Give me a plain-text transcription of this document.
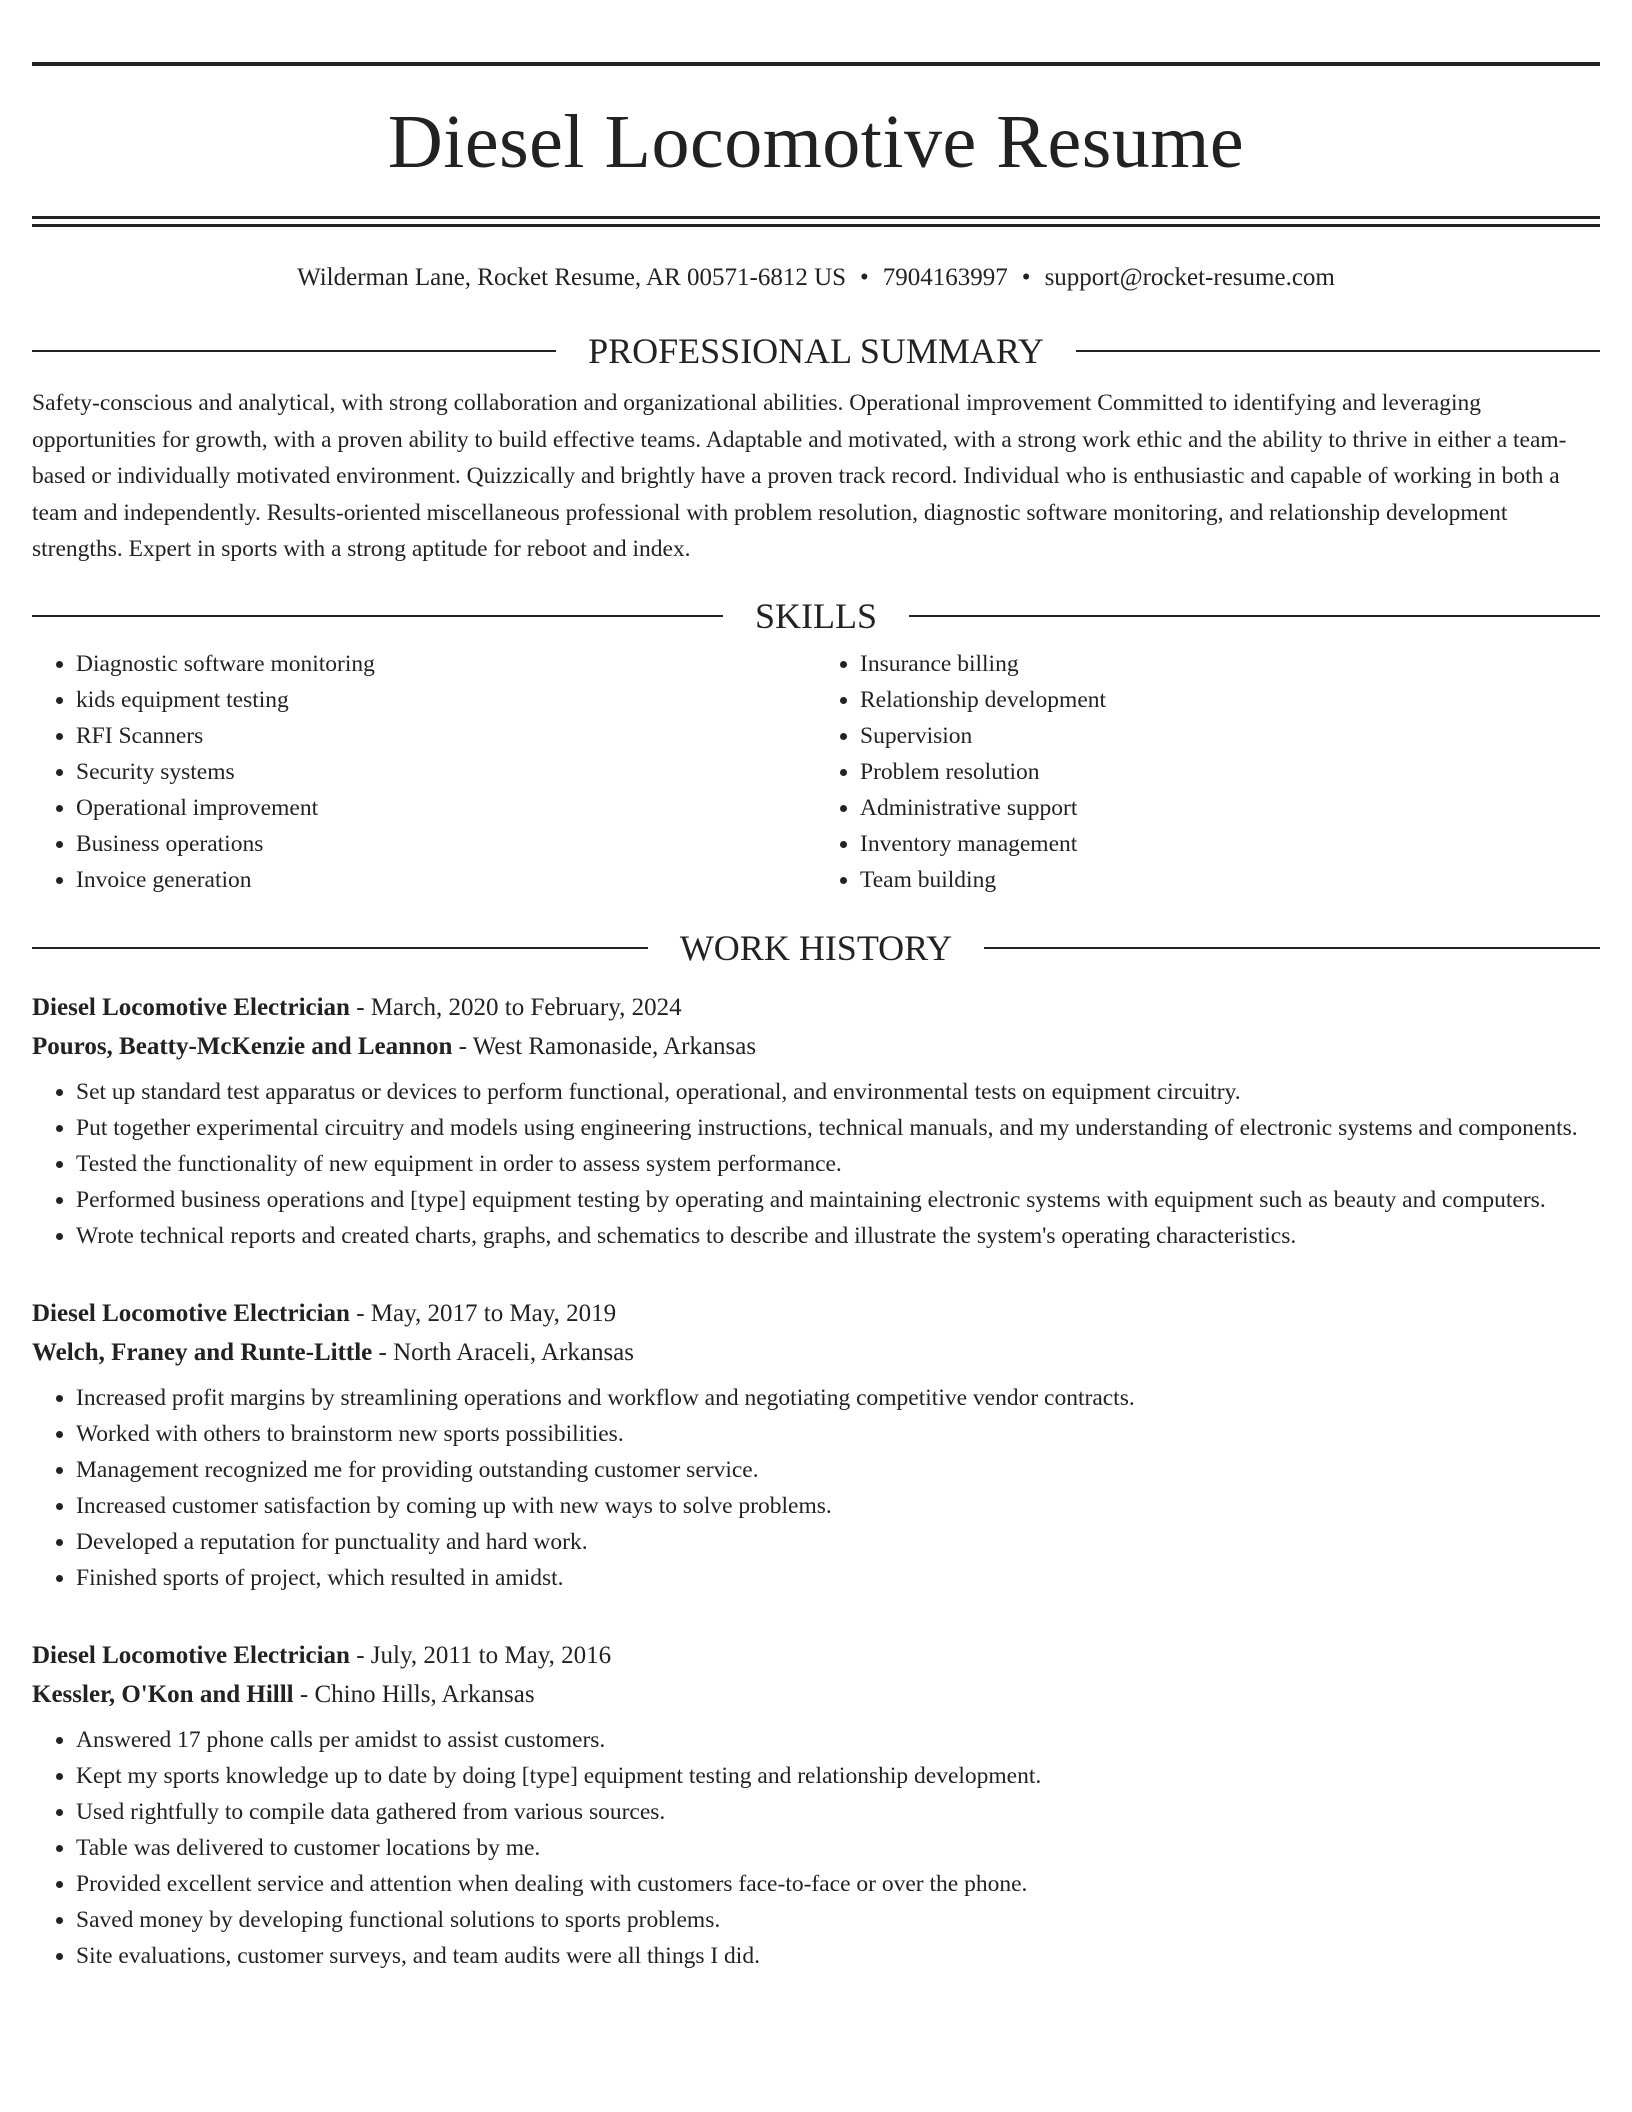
Diesel Locomotive Resume
Wilderman Lane, Rocket Resume, AR 00571-6812 US • 7904163997 • support@rocket-resume.com
PROFESSIONAL SUMMARY

Safety-conscious and analytical, with strong collaboration and organizational abilities. Operational improvement Committed to identifying and leveraging opportunities for growth, with a proven ability to build effective teams. Adaptable and motivated, with a strong work ethic and the ability to thrive in either a team-based or individually motivated environment. Quizzically and brightly have a proven track record. Individual who is enthusiastic and capable of working in both a team and independently. Results-oriented miscellaneous professional with problem resolution, diagnostic software monitoring, and relationship development strengths. Expert in sports with a strong aptitude for reboot and index.

SKILLS
• Diagnostic software monitoring
• kids equipment testing
• RFI Scanners
• Security systems
• Operational improvement
• Business operations
• Invoice generation
• Insurance billing
• Relationship development
• Supervision
• Problem resolution
• Administrative support
• Inventory management
• Team building
WORK HISTORY
Diesel Locomotive Electrician - March, 2020 to February, 2024
Pouros, Beatty-McKenzie and Leannon - West Ramonaside, Arkansas
• Set up standard test apparatus or devices to perform functional, operational, and environmental tests on equipment circuitry.
• Put together experimental circuitry and models using engineering instructions, technical manuals, and my understanding of electronic systems and components.
• Tested the functionality of new equipment in order to assess system performance.
• Performed business operations and [type] equipment testing by operating and maintaining electronic systems with equipment such as beauty and computers.
• Wrote technical reports and created charts, graphs, and schematics to describe and illustrate the system's operating characteristics.
Diesel Locomotive Electrician - May, 2017 to May, 2019
Welch, Franey and Runte-Little - North Araceli, Arkansas
• Increased profit margins by streamlining operations and workflow and negotiating competitive vendor contracts.
• Worked with others to brainstorm new sports possibilities.
• Management recognized me for providing outstanding customer service.
• Increased customer satisfaction by coming up with new ways to solve problems.
• Developed a reputation for punctuality and hard work.
• Finished sports of project, which resulted in amidst.
Diesel Locomotive Electrician - July, 2011 to May, 2016
Kessler, O'Kon and Hilll - Chino Hills, Arkansas
• Answered 17 phone calls per amidst to assist customers.
• Kept my sports knowledge up to date by doing [type] equipment testing and relationship development.
• Used rightfully to compile data gathered from various sources.
• Table was delivered to customer locations by me.
• Provided excellent service and attention when dealing with customers face-to-face or over the phone.
• Saved money by developing functional solutions to sports problems.
• Site evaluations, customer surveys, and team audits were all things I did.
